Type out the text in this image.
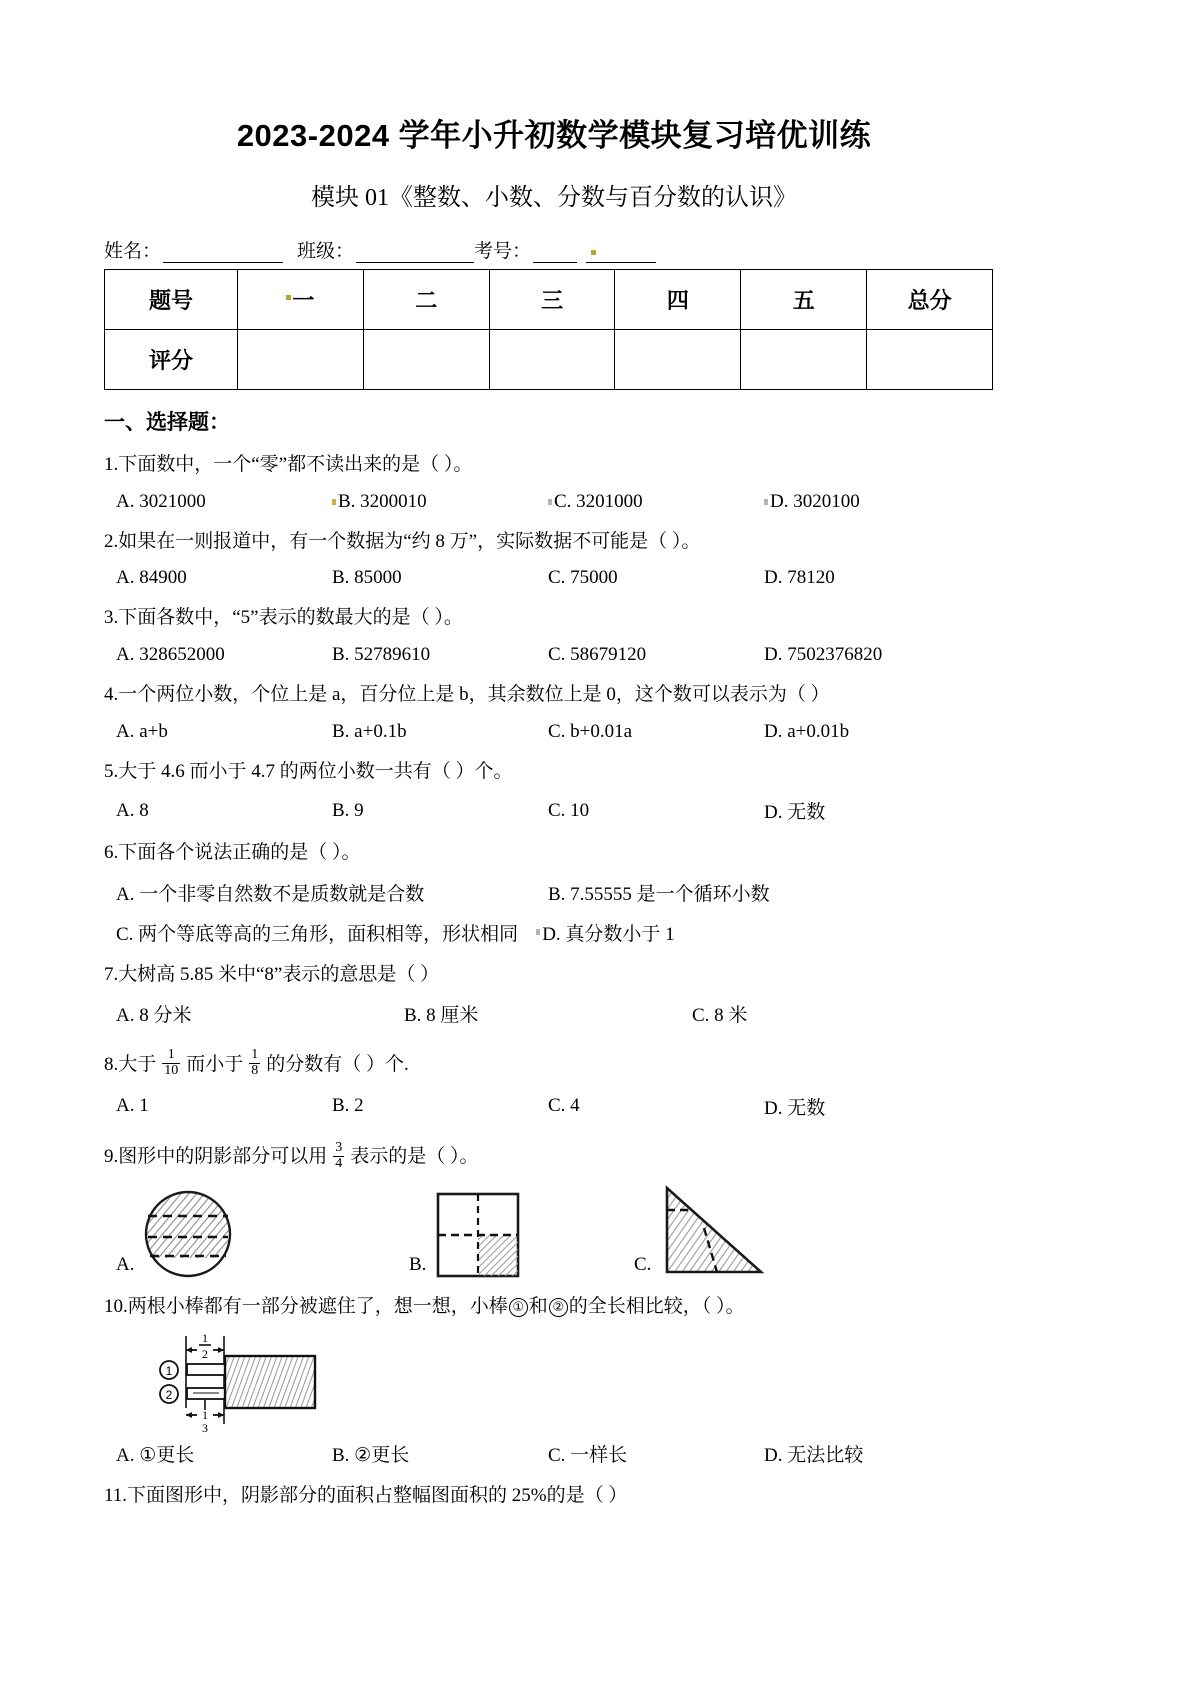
2023-2024 学年小升初数学模块复习培优训练
模块 01《整数、小数、分数与百分数的认识》
姓名：	班级：	考号：
题号	一	二	三	四	五	总分
评分						
一、选择题：
1. 下面数中，一个“零”都不读出来的是（ ）。
A. 3021000	B. 3200010	C. 3201000	D. 3020100
2. 如果在一则报道中，有一个数据为“约 8 万”，实际数据不可能是（ ）。
A. 84900	B. 85000	C. 75000	D. 78120
3. 下面各数中，“5”表示的数最大的是（ ）。
A. 328652000	B. 52789610	C. 58679120	D. 7502376820
4. 一个两位小数，个位上是 a，百分位上是 b，其余数位上是 0，这个数可以表示为（ ）
A. a+b	B. a+0.1b	C. b+0.01a	D. a+0.01b
5. 大于 4.6 而小于 4.7 的两位小数一共有（ ）个。
A. 8	B. 9	C. 10	D. 无数
6. 下面各个说法正确的是（ ）。
A. 一个非零自然数不是质数就是合数	B. 7.55555 是一个循环小数
C. 两个等底等高的三角形，面积相等，形状相同 D. 真分数小于 1
7. 大树高 5.85 米中“8”表示的意思是（ ）
A. 8 分米	B. 8 厘米	C. 8 米
8. 大于 $\frac{1}{10}$ 而小于 $\frac{1}{8}$ 的分数有（ ）个.
A. 1	B. 2	C. 4	D. 无数
9. 图形中的阴影部分可以用 $\frac{3}{4}$ 表示的是（ ）。
A.	B.	C.
10. 两根小棒都有一部分被遮住了，想一想，小棒 ① 和 ② 的全长相比较，（ ）。
1
2
1
2
1
3
A. ①更长	B. ②更长	C. 一样长	D. 无法比较
11. 下面图形中，阴影部分的面积占整幅图面积的 25%的是（ ）
